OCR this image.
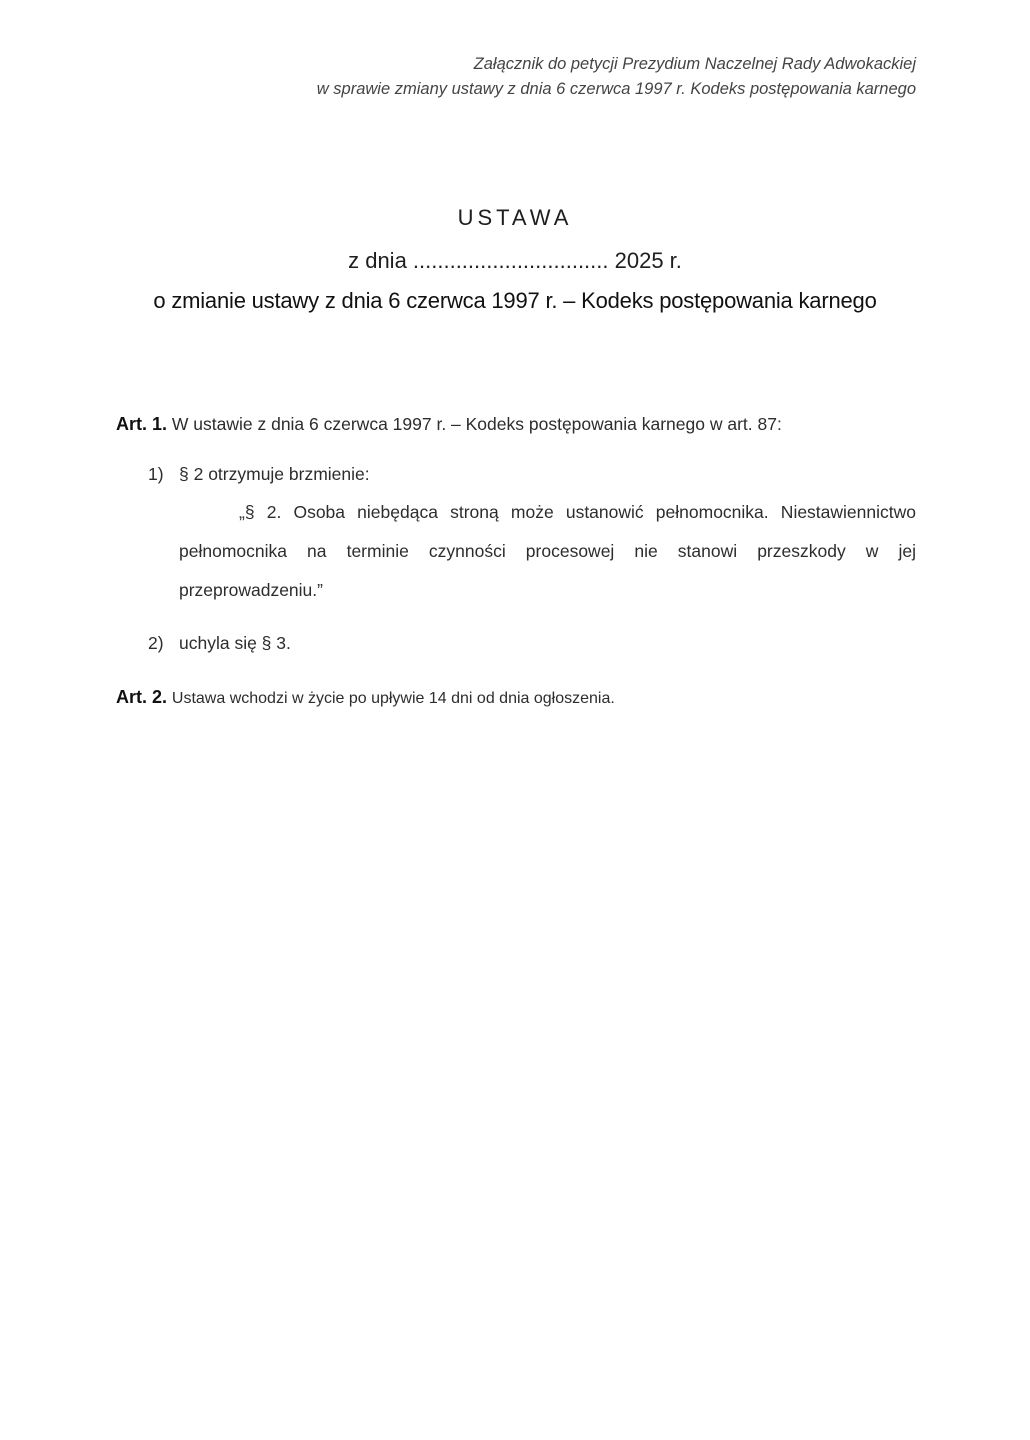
Załącznik do petycji Prezydium Naczelnej Rady Adwokackiej
w sprawie zmiany ustawy z dnia 6 czerwca 1997 r. Kodeks postępowania karnego
USTAWA
z dnia ................................ 2025 r.
o zmianie ustawy z dnia 6 czerwca 1997 r. – Kodeks postępowania karnego
Art. 1. W ustawie z dnia 6 czerwca 1997 r. – Kodeks postępowania karnego w art. 87:
1) § 2 otrzymuje brzmienie:
„§ 2. Osoba niebędąca stroną może ustanowić pełnomocnika. Niestawiennictwo pełnomocnika na terminie czynności procesowej nie stanowi przeszkody w jej przeprowadzeniu.”
2) uchyla się § 3.
Art. 2. Ustawa wchodzi w życie po upływie 14 dni od dnia ogłoszenia.
